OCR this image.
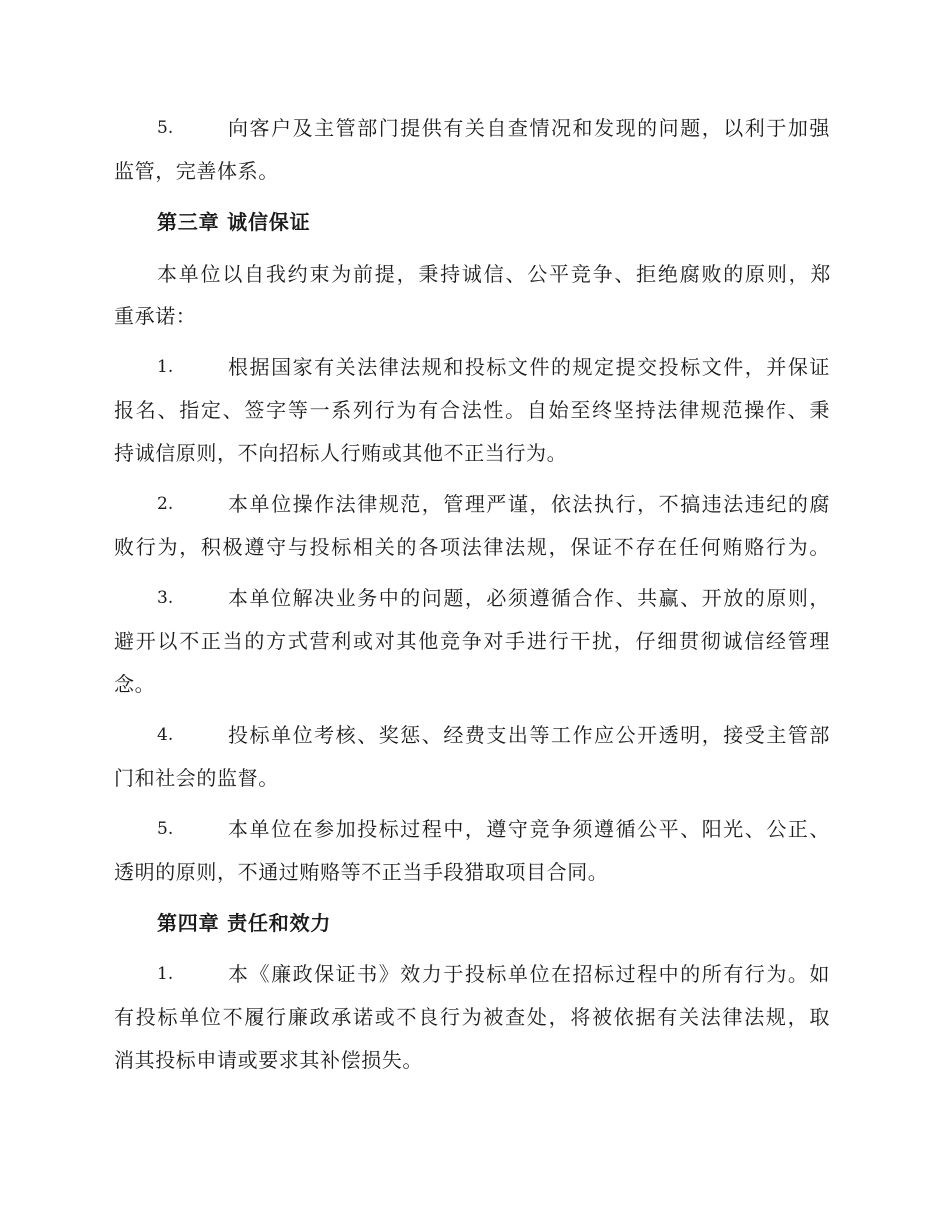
5.	向客户及主管部门提供有关自查情况和发现的问题，以利于加强
监管，完善体系。
第三章 诚信保证
本单位以自我约束为前提，秉持诚信、公平竞争、拒绝腐败的原则，郑
重承诺：
1.	根据国家有关法律法规和投标文件的规定提交投标文件，并保证
报名、指定、签字等一系列行为有合法性。自始至终坚持法律规范操作、秉
持诚信原则，不向招标人行贿或其他不正当行为。
2.	本单位操作法律规范，管理严谨，依法执行，不搞违法违纪的腐
败行为，积极遵守与投标相关的各项法律法规，保证不存在任何贿赂行为。
3.	本单位解决业务中的问题，必须遵循合作、共赢、开放的原则，
避开以不正当的方式营利或对其他竞争对手进行干扰，仔细贯彻诚信经管理
念。
4.	投标单位考核、奖惩、经费支出等工作应公开透明，接受主管部
门和社会的监督。
5.	本单位在参加投标过程中，遵守竞争须遵循公平、阳光、公正、
透明的原则，不通过贿赂等不正当手段猎取项目合同。
第四章 责任和效力
1.	本《廉政保证书》效力于投标单位在招标过程中的所有行为。如
有投标单位不履行廉政承诺或不良行为被查处，将被依据有关法律法规，取
消其投标申请或要求其补偿损失。
